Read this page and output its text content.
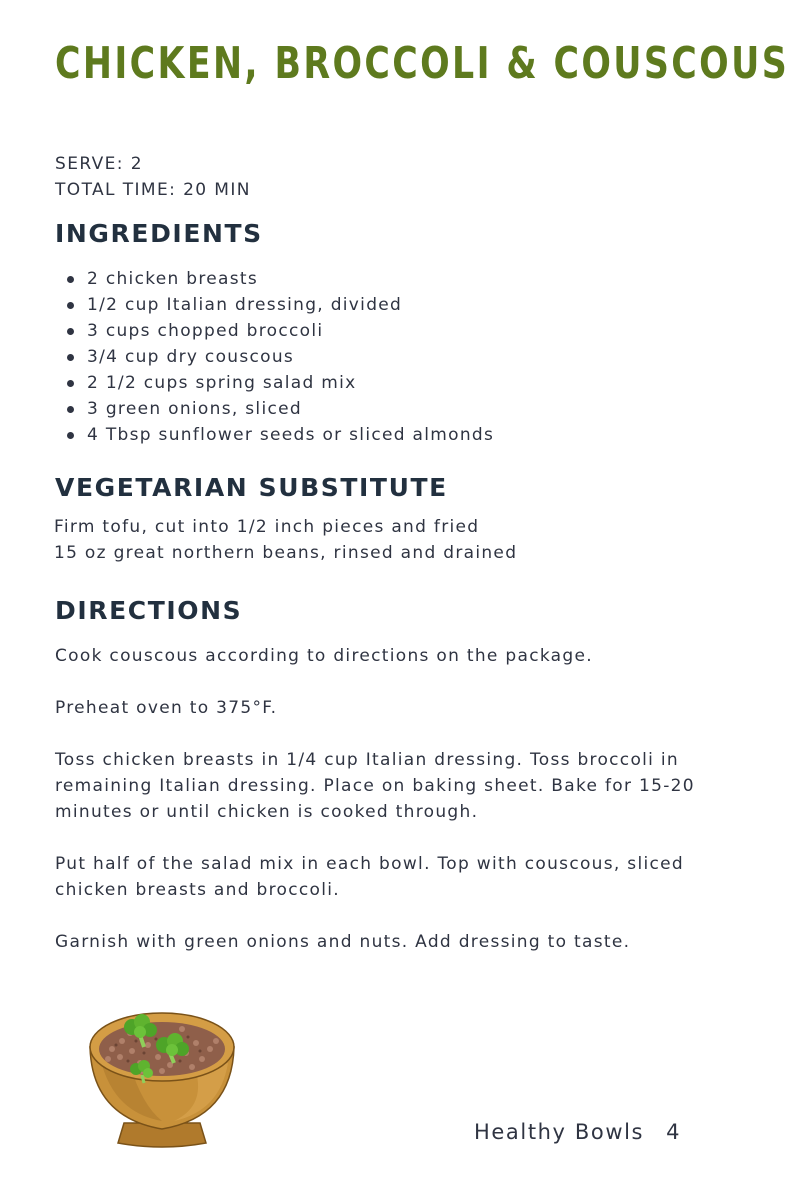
CHICKEN, BROCCOLI & COUSCOUS
SERVE: 2
TOTAL TIME: 20 MIN
INGREDIENTS
2 chicken breasts
1/2 cup Italian dressing, divided
3 cups chopped broccoli
3/4 cup dry couscous
2 1/2 cups spring salad mix
3 green onions, sliced
4 Tbsp sunflower seeds or sliced almonds
VEGETARIAN SUBSTITUTE
Firm tofu, cut into 1/2 inch pieces and fried
15 oz great northern beans, rinsed and drained
DIRECTIONS

Cook couscous according to directions on the package.

Preheat oven to 375°F.

Toss chicken breasts in 1/4 cup Italian dressing. Toss broccoli in remaining Italian dressing. Place on baking sheet. Bake for 15-20 minutes or until chicken is cooked through.

Put half of the salad mix in each bowl. Top with couscous, sliced chicken breasts and broccoli.

Garnish with green onions and nuts. Add dressing to taste.

Healthy Bowls 4
